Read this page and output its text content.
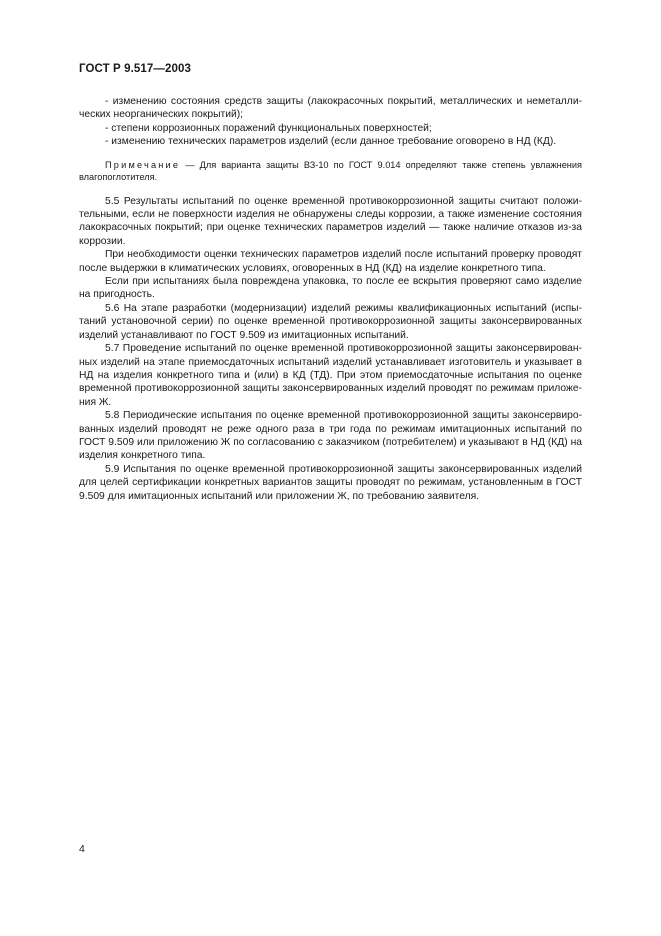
ГОСТ Р 9.517—2003

- изменению состояния средств защиты (лакокрасочных покрытий, металлических и неметалли-ческих неорганических покрытий);

- степени коррозионных поражений функциональных поверхностей;

- изменению технических параметров изделий (если данное требование оговорено в НД (КД).

Примечание — Для варианта защиты ВЗ-10 по ГОСТ 9.014 определяют также степень увлажнения влагопоглотителя.

5.5 Результаты испытаний по оценке временной противокоррозионной защиты считают положи-тельными, если не поверхности изделия не обнаружены следы коррозии, а также изменение состояния лакокрасочных покрытий; при оценке технических параметров изделий — также наличие отказов из-за коррозии.

При необходимости оценки технических параметров изделий после испытаний проверку проводят после выдержки в климатических условиях, оговоренных в НД (КД) на изделие конкретного типа.

Если при испытаниях была повреждена упаковка, то после ее вскрытия проверяют само изделие на пригодность.

5.6 На этапе разработки (модернизации) изделий режимы квалификационных испытаний (испы-таний установочной серии) по оценке временной противокоррозионной защиты законсервированных изделий устанавливают по ГОСТ 9.509 из имитационных испытаний.

5.7 Проведение испытаний по оценке временной противокоррозионной защиты законсервирован-ных изделий на этапе приемосдаточных испытаний изделий устанавливает изготовитель и указывает в НД на изделия конкретного типа и (или) в КД (ТД). При этом приемосдаточные испытания по оценке временной противокоррозионной защиты законсервированных изделий проводят по режимам приложе-ния Ж.

5.8 Периодические испытания по оценке временной противокоррозионной защиты законсервиро-ванных изделий проводят не реже одного раза в три года по режимам имитационных испытаний по ГОСТ 9.509 или приложению Ж по согласованию с заказчиком (потребителем) и указывают в НД (КД) на изделия конкретного типа.

5.9 Испытания по оценке временной противокоррозионной защиты законсервированных изделий для целей сертификации конкретных вариантов защиты проводят по режимам, установленным в ГОСТ 9.509 для имитационных испытаний или приложении Ж, по требованию заявителя.

4
